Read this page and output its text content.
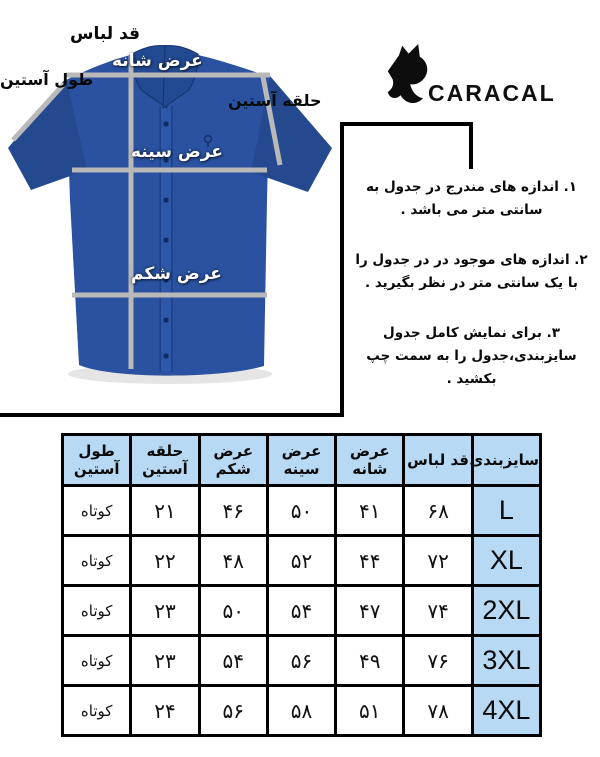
قد لباس
عرض شانه
طول آستین
حلقه آستین
عرض سینه
عرض شکم
CARACAL

۱. اندازه های مندرج در جدول به سانتی متر می باشد .

۲. اندازه های موجود در در جدول را با یک سانتی متر در نظر بگیرید .

۳. برای نمایش کامل جدول سایزبندی،جدول را به سمت چپ بکشید .

سایزبندی	قد لباس	عرض شانه	عرض سینه	عرض شکم	حلقه آستین	طول آستین
L	۶۸	۴۱	۵۰	۴۶	۲۱	کوتاه
XL	۷۲	۴۴	۵۲	۴۸	۲۲	کوتاه
2XL	۷۴	۴۷	۵۴	۵۰	۲۳	کوتاه
3XL	۷۶	۴۹	۵۶	۵۴	۲۳	کوتاه
4XL	۷۸	۵۱	۵۸	۵۶	۲۴	کوتاه
